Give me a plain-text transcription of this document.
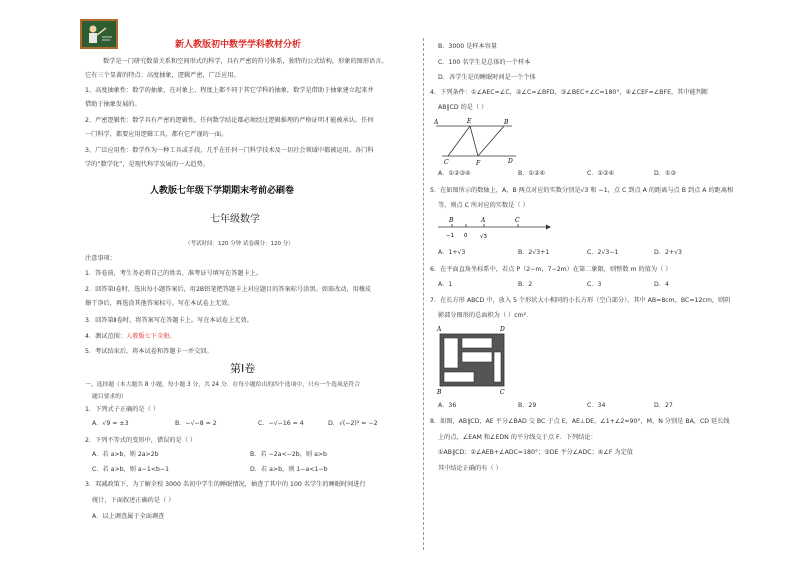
新人教版初中数学学科教材分析
数学是一门研究数量关系和空间形式的科学，具有严密的符号体系，独特的公式结构，形象的图形语言。
它有三个显著的特点：高度抽象，逻辑严密，广泛应用。
1、高度抽象性：数学的抽象，在对象上、程度上都不同于其它学科的抽象，数学是借助于抽象建立起来并
借助于抽象发展的。
2、严密逻辑性：数学具有严密的逻辑性，任何数学结论都必须经过逻辑推理的严格证明才能被承认。任何
一门科学，都要应用逻辑工具，都有它严谨的一面。
3、广泛应用性：数学作为一种工具或手段，几乎在任何一门科学技术及一切社会领域中都被运用。各门科
学的“数学化”，是现代科学发展的一大趋势。
人教版七年级下学期期末考前必刷卷
七年级数学
（考试时间：120 分钟 试卷满分：120 分）
注意事项：
1．答卷前，考生务必将自己的姓名、准考证号填写在答题卡上。
2．回答第Ⅰ卷时，选出每小题答案后，用2B铅笔把答题卡上对应题目的答案标号涂黑。如需改动，用橡皮
擦干净后，再选涂其他答案标号。写在本试卷上无效。
3．回答第Ⅱ卷时，将答案写在答题卡上。写在本试卷上无效。
4．测试范围：人教版七下全册。
5．考试结束后，将本试卷和答题卡一并交回。
第Ⅰ卷
一、选择题（本大题共 8 小题，每小题 3 分，共 24 分．在每小题给出的四个选项中，只有一个选项是符合
题目要求的）
1．下列式子正确的是（ ）
A．√9 = ±3	B．−√−8 = 2	C．−√−16 = 4	D．√(−2)² = −2
2．下列不等式的变形中，错误的是（ ）
A．若 a>b，则 2a>2b	B．若 −2a<−2b，则 a>b
C．若 a>b，则 a−1<b−1	D．若 a>b，则 1−a<1−b
3．双减政策下，为了解全校 3000 名初中学生的睡眠情况，抽查了其中的 100 名学生的睡眠时间进行
统计，下面叙述正确的是（ ）
A．以上调查属于全面调查
B．3000 是样本容量
C．100 名学生是总体的一个样本
D．各学生是的睡眠时间是一个个体
4．下列条件：①∠AEC=∠C，②∠C=∠BFD，③∠BEC+∠C=180°，④∠CEF=∠BFE，其中能判断
AB∥CD 的是（ ）
A	E	B
C	F	D
A．①②③④	B．①②④	C．①③④	D．①③
5．在如图所示的数轴上，A，B 两点对应的实数分别是√3 和 −1，点 C 到点 A 的距离与点 B 到点 A 的距离相
等，则点 C 所对应的实数是（ ）
B	A	C
−1 0 √3
A．1+√3	B．2√3+1	C．2√3−1	D．2+√3
6．在平面直角坐标系中，若点 P（2−m，7−2m）在第二象限，则整数 m 的值为（ ）
A．1	B．2	C．3	D．4
7．在长方形 ABCD 中，放入 5 个形状大小相同的小长方形（空白部分），其中 AB=8cm，BC=12cm，则阴
影部分图形的总面积为（ ）cm².
A	D
B	C
A．36	B．29	C．34	D．27
8．如图，AB∥CD，AE 平分∠BAD 交 BC 于点 E，AE⊥DE，∠1+∠2=90°，M，N 分别是 BA，CD 延长线
上的点，∠EAM 和∠EDN 的平分线交于点 F．下列结论：
①AB∥CD；②∠AEB+∠ADC=180°；③DE 平分∠ADC；④∠F 为定值
其中结论正确的有（ ）
